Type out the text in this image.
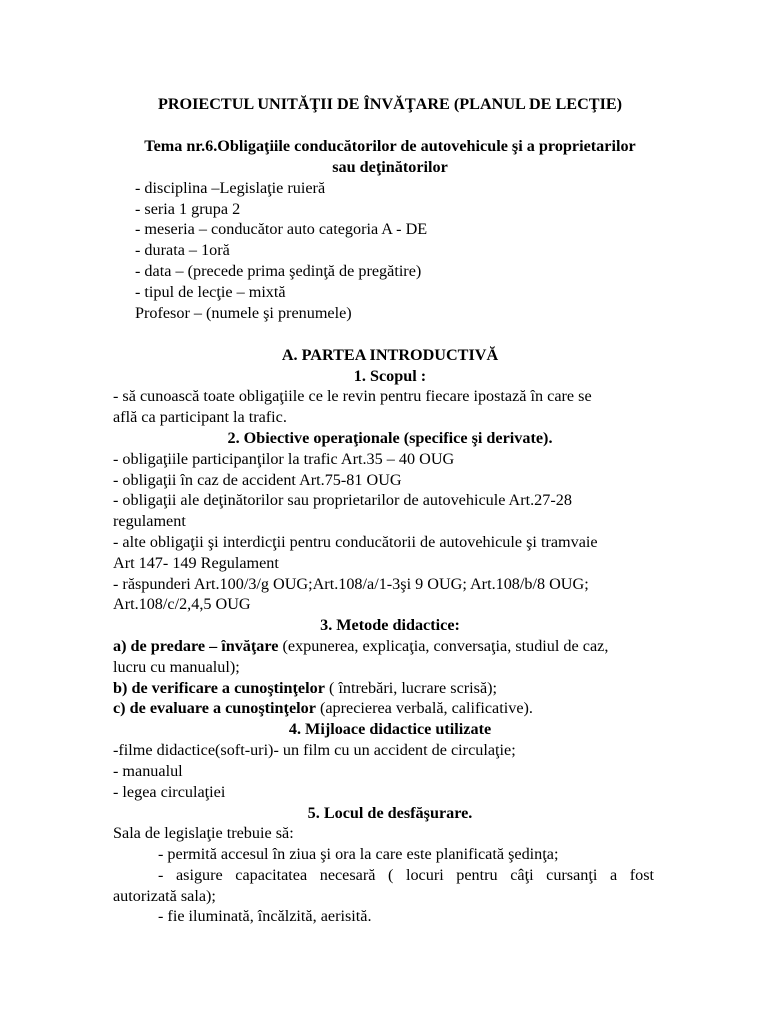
PROIECTUL UNITĂŢII DE ÎNVĂŢARE (PLANUL DE LECŢIE)
Tema nr.6.Obligaţiile conducătorilor de autovehicule şi a proprietarilor
sau deţinătorilor
- disciplina –Legislaţie ruieră
- seria 1 grupa 2
- meseria – conducător auto categoria A - DE
- durata – 1oră
- data – (precede prima şedinţă de pregătire)
- tipul de lecţie – mixtă
Profesor – (numele şi prenumele)
A. PARTEA INTRODUCTIVĂ
1. Scopul :
- să cunoască toate obligaţiile ce le revin pentru fiecare ipostază în care se
află ca participant la trafic.
2. Obiective operaţionale (specifice şi derivate).
- obligaţiile participanţilor la trafic Art.35 – 40 OUG
- obligaţii în caz de accident Art.75-81 OUG
- obligaţii ale deţinătorilor sau proprietarilor de autovehicule Art.27-28
regulament
- alte obligaţii şi interdicţii pentru conducătorii de autovehicule şi tramvaie
Art 147- 149 Regulament
- răspunderi Art.100/3/g OUG;Art.108/a/1-3şi 9 OUG; Art.108/b/8 OUG;
Art.108/c/2,4,5 OUG
3. Metode didactice:
a) de predare – învăţare (expunerea, explicaţia, conversaţia, studiul de caz,
lucru cu manualul);
b) de verificare a cunoştinţelor ( întrebări, lucrare scrisă);
c) de evaluare a cunoştinţelor (aprecierea verbală, calificative).
4. Mijloace didactice utilizate
-filme didactice(soft-uri)- un film cu un accident de circulaţie;
- manualul
- legea circulaţiei
5. Locul de desfăşurare.
Sala de legislaţie trebuie să:
- permită accesul în ziua şi ora la care este planificată şedinţa;
- asigure capacitatea necesară ( locuri pentru câţi cursanţi a fost
autorizată sala);
- fie iluminată, încălzită, aerisită.
